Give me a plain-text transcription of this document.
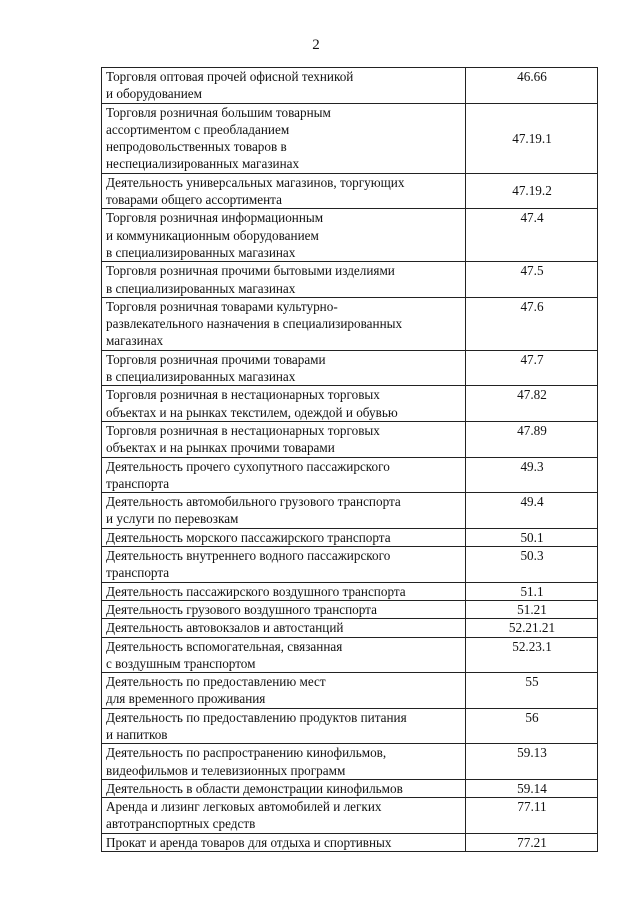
2
Торговля оптовая прочей офисной техникой
и оборудованием	46.66
Торговля розничная большим товарным
ассортиментом с преобладанием
непродовольственных товаров в
неспециализированных магазинах	47.19.1
Деятельность универсальных магазинов, торгующих
товарами общего ассортимента	47.19.2
Торговля розничная информационным
и коммуникационным оборудованием
в специализированных магазинах	47.4
Торговля розничная прочими бытовыми изделиями
в специализированных магазинах	47.5
Торговля розничная товарами культурно-
развлекательного назначения в специализированных
магазинах	47.6
Торговля розничная прочими товарами
в специализированных магазинах	47.7
Торговля розничная в нестационарных торговых
объектах и на рынках текстилем, одеждой и обувью	47.82
Торговля розничная в нестационарных торговых
объектах и на рынках прочими товарами	47.89
Деятельность прочего сухопутного пассажирского
транспорта	49.3
Деятельность автомобильного грузового транспорта
и услуги по перевозкам	49.4
Деятельность морского пассажирского транспорта	50.1
Деятельность внутреннего водного пассажирского
транспорта	50.3
Деятельность пассажирского воздушного транспорта	51.1
Деятельность грузового воздушного транспорта	51.21
Деятельность автовокзалов и автостанций	52.21.21
Деятельность вспомогательная, связанная
с воздушным транспортом	52.23.1
Деятельность по предоставлению мест
для временного проживания	55
Деятельность по предоставлению продуктов питания
и напитков	56
Деятельность по распространению кинофильмов,
видеофильмов и телевизионных программ	59.13
Деятельность в области демонстрации кинофильмов	59.14
Аренда и лизинг легковых автомобилей и легких
автотранспортных средств	77.11
Прокат и аренда товаров для отдыха и спортивных	77.21
